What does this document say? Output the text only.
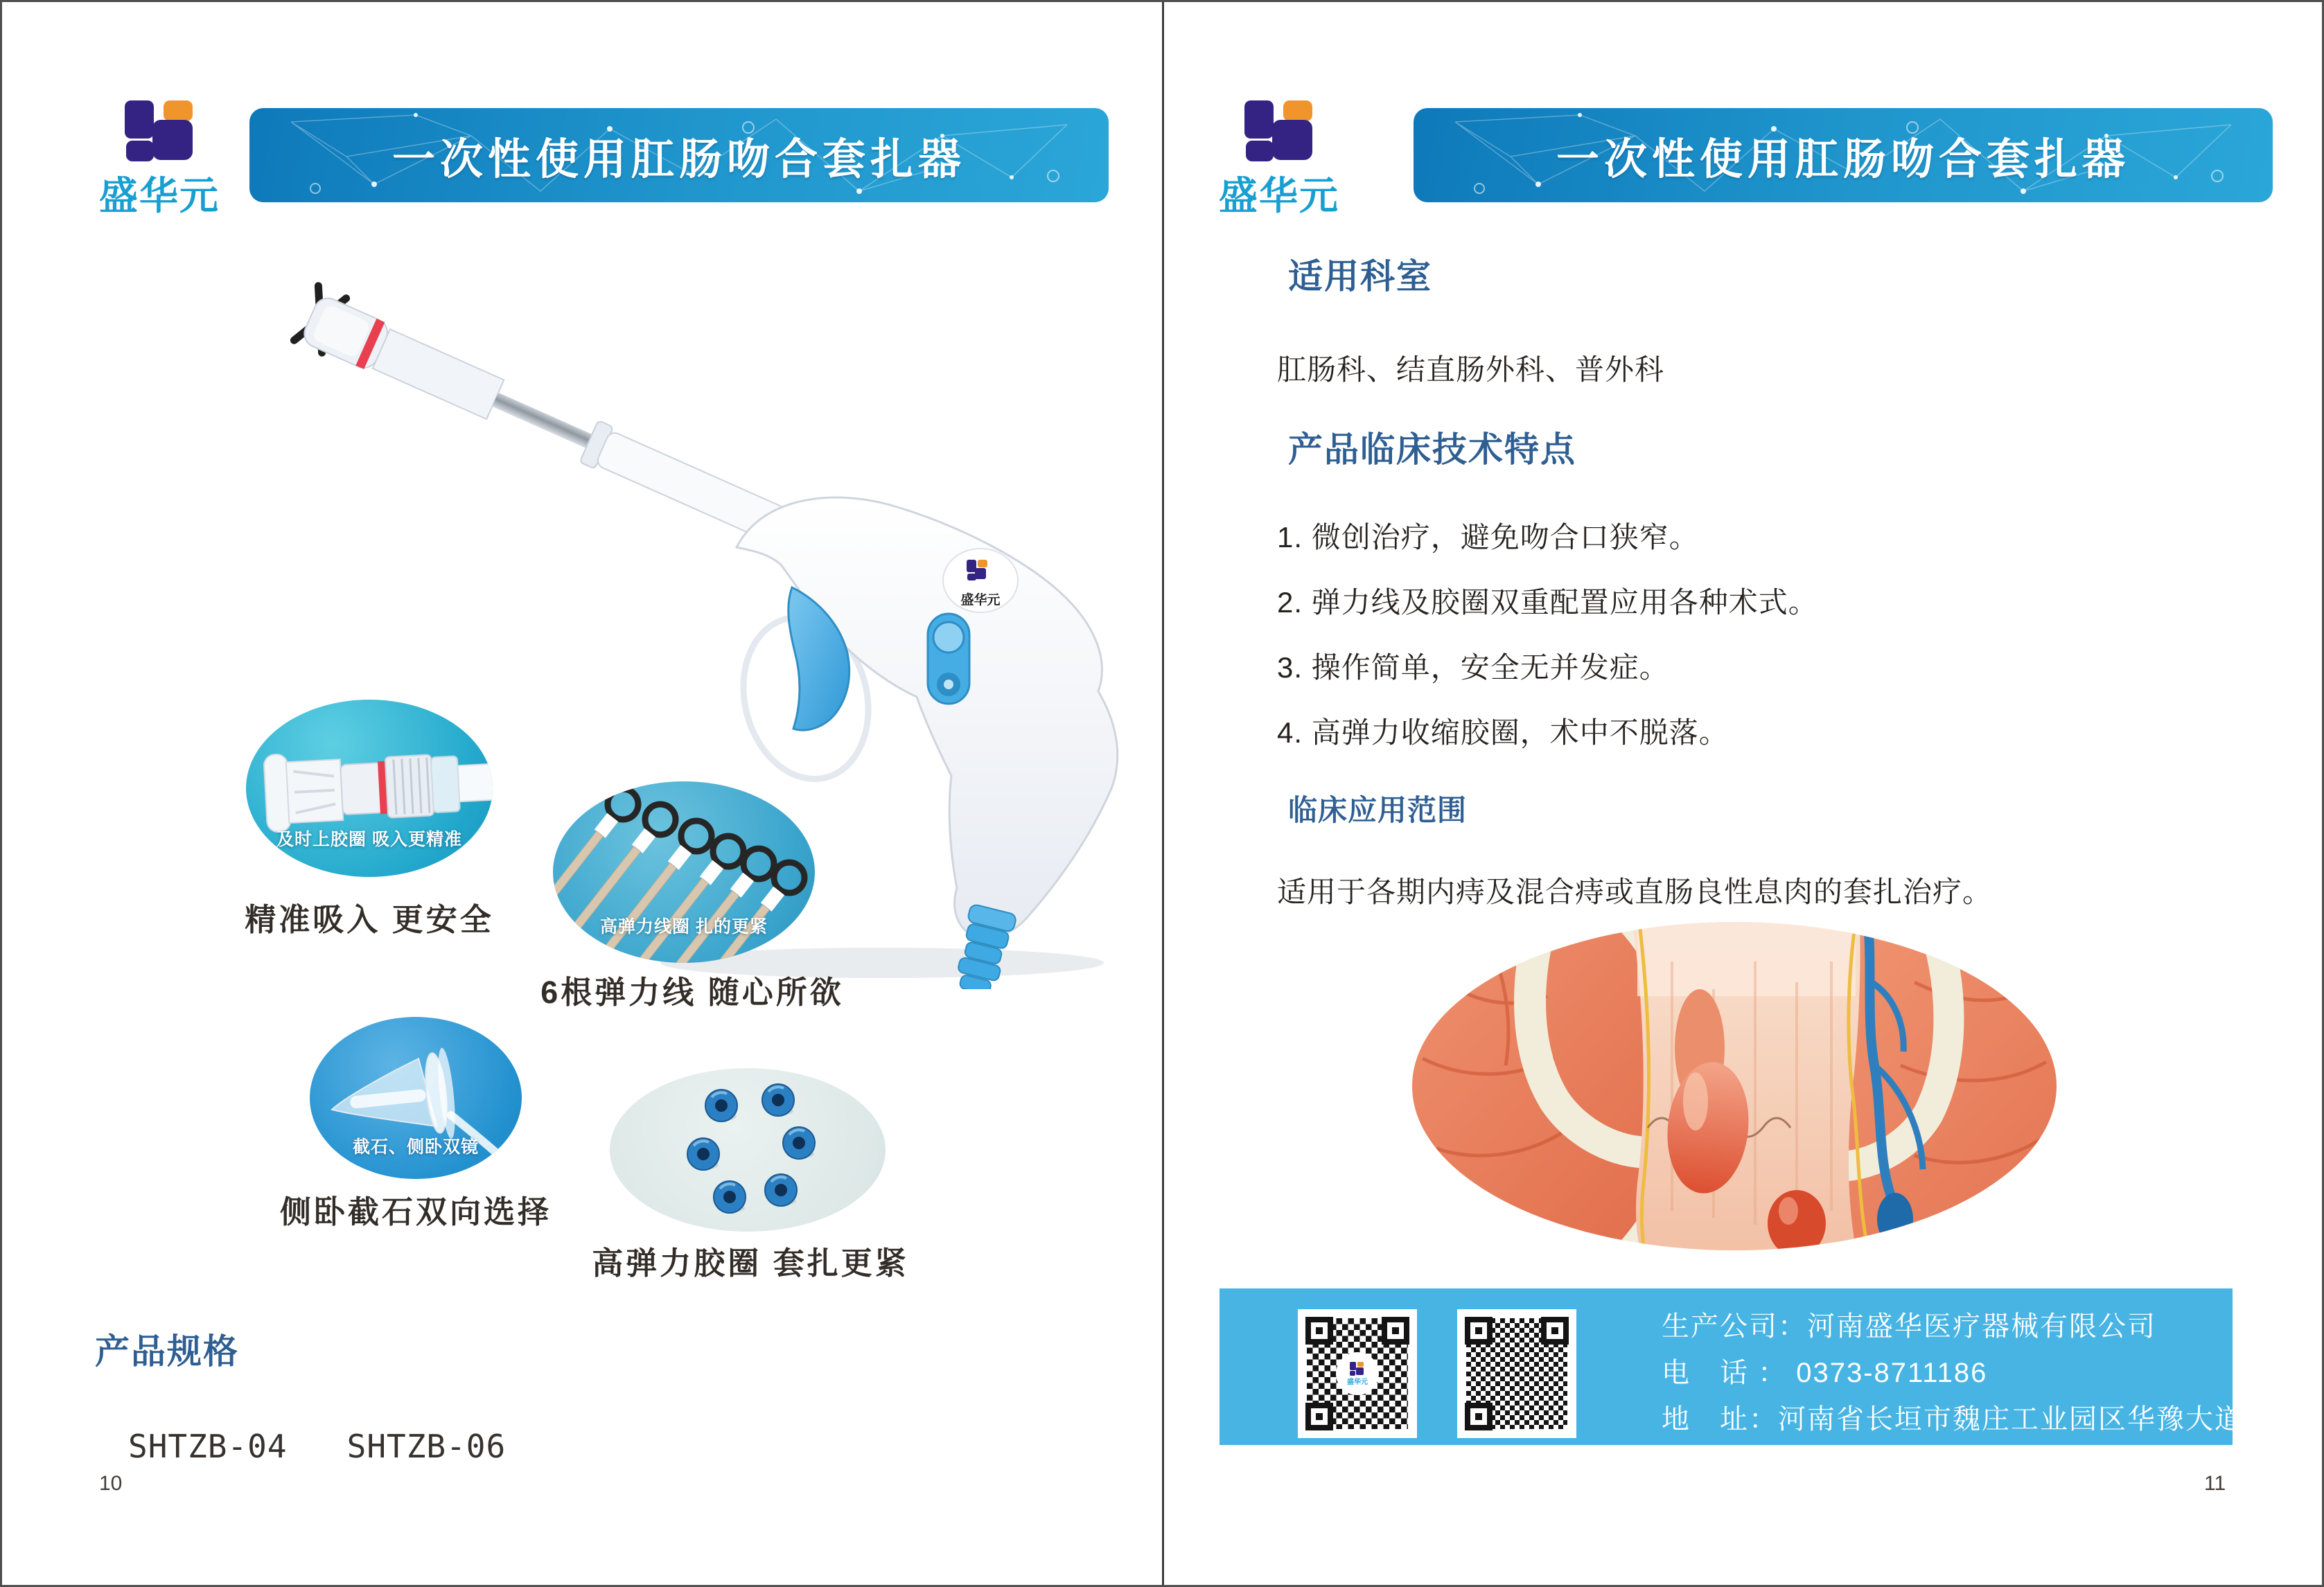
盛华元
一次性使用肛肠吻合套扎器
盛华元
及时上胶圈 吸入更精准
精准吸入 更安全	高弹力线圈 扎的更紧
6根弹力线 随心所欲
截石、侧卧双镜
侧卧截石双向选择
高弹力胶圈 套扎更紧
产品规格
SHTZB-04   SHTZB-06
10
盛华元
一次性使用肛肠吻合套扎器
适用科室
肛肠科、结直肠外科、普外科
产品临床技术特点
1. 微创治疗，避免吻合口狭窄。
2. 弹力线及胶圈双重配置应用各种术式。
3. 操作简单，安全无并发症。
4. 高弹力收缩胶圈，术中不脱落。
临床应用范围
适用于各期内痔及混合痔或直肠良性息肉的套扎治疗。
盛华元
生产公司：河南盛华医疗器械有限公司
电　话 ： 0373-8711186
地　址：河南省长垣市魏庄工业园区华豫大道西侧
11
